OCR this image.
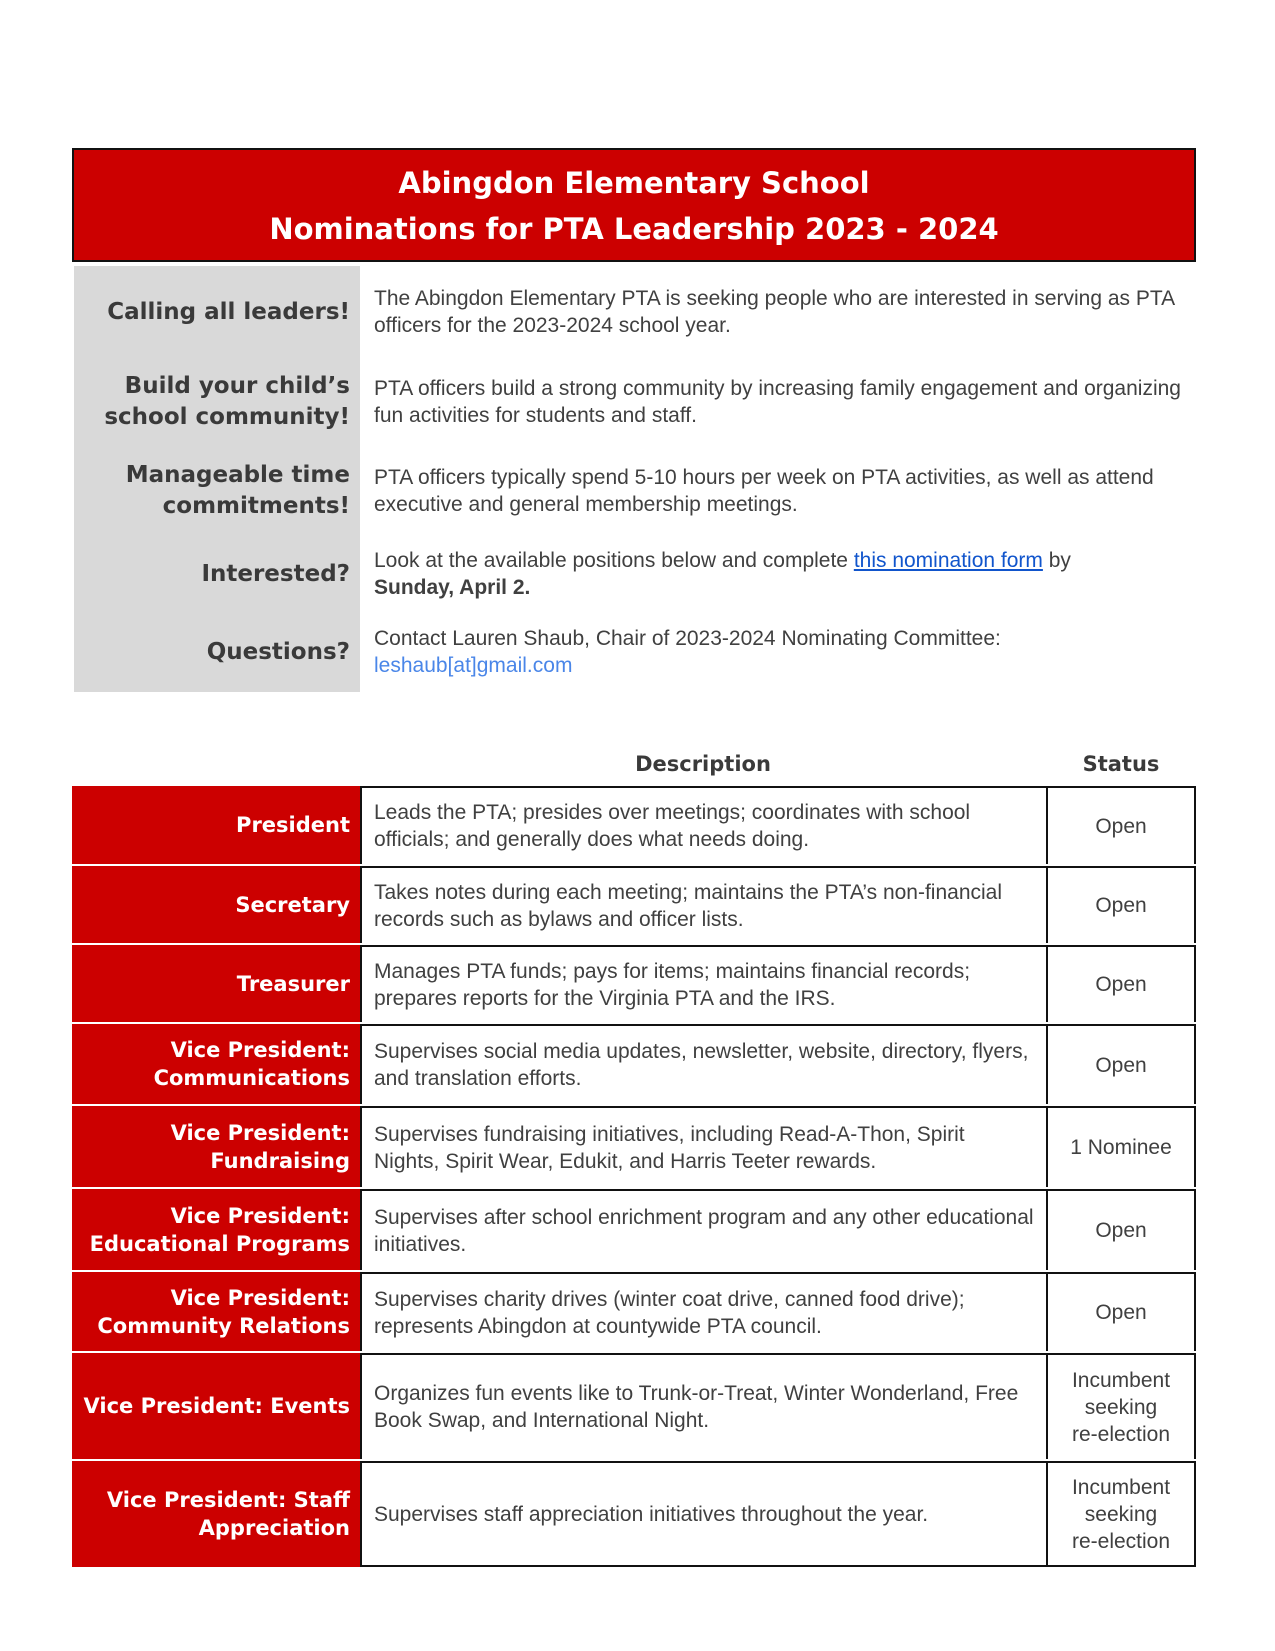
Abingdon Elementary School
Nominations for PTA Leadership 2023 - 2024
Calling all leaders! The Abingdon Elementary PTA is seeking people who are interested in serving as PTA officers for the 2023-2024 school year.
Build your child’s
school community!
PTA officers build a strong community by increasing family engagement and organizing fun activities for students and staff.
Manageable time
commitments!
PTA officers typically spend 5-10 hours per week on PTA activities, as well as attend executive and general membership meetings.
Interested? Look at the available positions below and complete this nomination form by
Sunday, April 2.
Questions? Contact Lauren Shaub, Chair of 2023-2024 Nominating Committee:
leshaub[at]gmail.com
Description	Status
President
Leads the PTA; presides over meetings; coordinates with school officials; and generally does what needs doing.
Open
Secretary
Takes notes during each meeting; maintains the PTA’s non-financial records such as bylaws and officer lists.
Open
Treasurer
Manages PTA funds; pays for items; maintains financial records; prepares reports for the Virginia PTA and the IRS.
Open
Vice President:
Communications
Supervises social media updates, newsletter, website, directory, flyers, and translation efforts.
Open
Vice President:
Fundraising
Supervises fundraising initiatives, including Read-A-Thon, Spirit Nights, Spirit Wear, Edukit, and Harris Teeter rewards.
1 Nominee
Vice President:
Educational Programs
Supervises after school enrichment program and any other educational initiatives.
Open
Vice President:
Community Relations
Supervises charity drives (winter coat drive, canned food drive); represents Abingdon at countywide PTA council.
Open
Vice President: Events
Organizes fun events like to Trunk-or-Treat, Winter Wonderland, Free Book Swap, and International Night.
Incumbent
seeking
re-election
Vice President: Staff
Appreciation
Supervises staff appreciation initiatives throughout the year.
Incumbent
seeking
re-election
